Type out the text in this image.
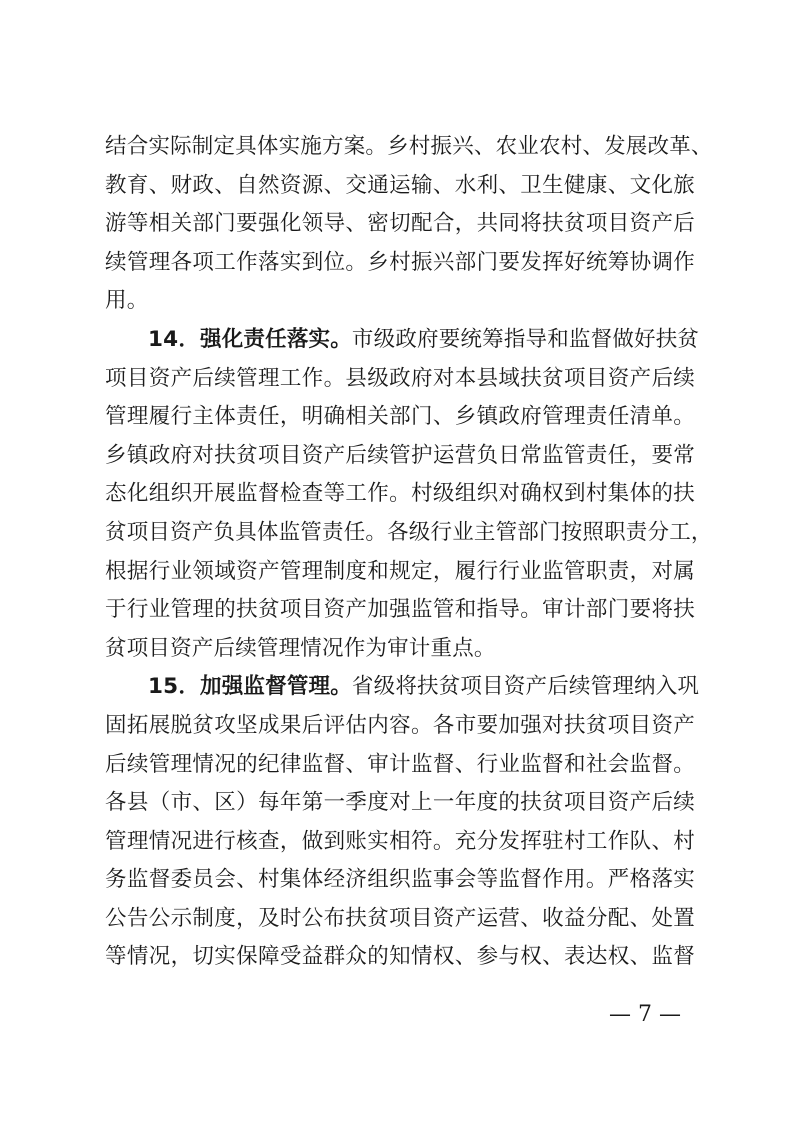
结合实际制定具体实施方案。乡村振兴、农业农村、发展改革、
教育、财政、自然资源、交通运输、水利、卫生健康、文化旅
游等相关部门要强化领导、密切配合，共同将扶贫项目资产后
续管理各项工作落实到位。乡村振兴部门要发挥好统筹协调作
用。
14．强化责任落实。市级政府要统筹指导和监督做好扶贫
项目资产后续管理工作。县级政府对本县域扶贫项目资产后续
管理履行主体责任，明确相关部门、乡镇政府管理责任清单。
乡镇政府对扶贫项目资产后续管护运营负日常监管责任，要常
态化组织开展监督检查等工作。村级组织对确权到村集体的扶
贫项目资产负具体监管责任。各级行业主管部门按照职责分工，
根据行业领域资产管理制度和规定，履行行业监管职责，对属
于行业管理的扶贫项目资产加强监管和指导。审计部门要将扶
贫项目资产后续管理情况作为审计重点。
15．加强监督管理。省级将扶贫项目资产后续管理纳入巩
固拓展脱贫攻坚成果后评估内容。各市要加强对扶贫项目资产
后续管理情况的纪律监督、审计监督、行业监督和社会监督。
各县（市、区）每年第一季度对上一年度的扶贫项目资产后续
管理情况进行核查，做到账实相符。充分发挥驻村工作队、村
务监督委员会、村集体经济组织监事会等监督作用。严格落实
公告公示制度，及时公布扶贫项目资产运营、收益分配、处置
等情况，切实保障受益群众的知情权、参与权、表达权、监督
— 7 —
